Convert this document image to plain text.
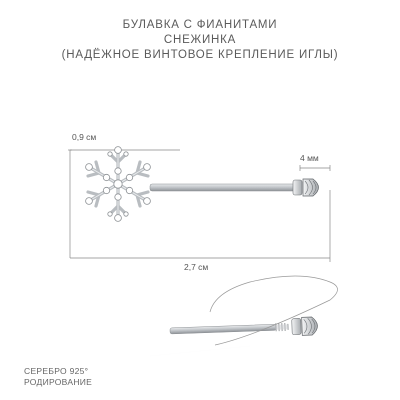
БУЛАВКА С ФИАНИТАМИ
СНЕЖИНКА
(НАДЁЖНОЕ ВИНТОВОЕ КРЕПЛЕНИЕ ИГЛЫ)
0,9 см
4 мм
2,7 см
СЕРЕБРО 925°
РОДИРОВАНИЕ
